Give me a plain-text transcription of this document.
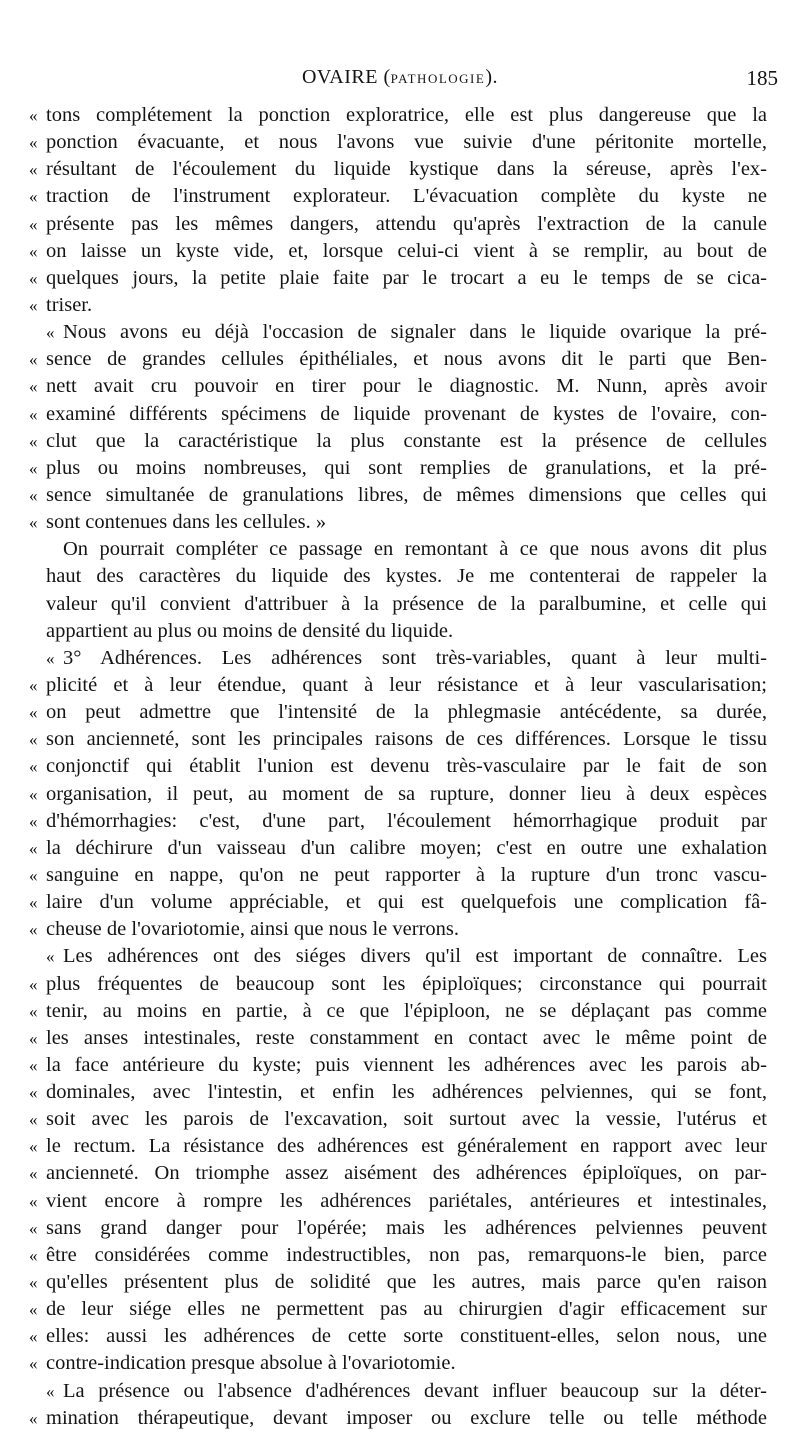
OVAIRE (PATHOLOGIE).	185
« tons complétement la ponction exploratrice, elle est plus dangereuse que la
« ponction évacuante, et nous l'avons vue suivie d'une péritonite mortelle,
« résultant de l'écoulement du liquide kystique dans la séreuse, après l'ex-
« traction de l'instrument explorateur. L'évacuation complète du kyste ne
« présente pas les mêmes dangers, attendu qu'après l'extraction de la canule
« on laisse un kyste vide, et, lorsque celui-ci vient à se remplir, au bout de
« quelques jours, la petite plaie faite par le trocart a eu le temps de se cica-
« triser.
« Nous avons eu déjà l'occasion de signaler dans le liquide ovarique la pré-
« sence de grandes cellules épithéliales, et nous avons dit le parti que Ben-
« nett avait cru pouvoir en tirer pour le diagnostic. M. Nunn, après avoir
« examiné différents spécimens de liquide provenant de kystes de l'ovaire, con-
« clut que la caractéristique la plus constante est la présence de cellules
« plus ou moins nombreuses, qui sont remplies de granulations, et la pré-
« sence simultanée de granulations libres, de mêmes dimensions que celles qui
« sont contenues dans les cellules. »
On pourrait compléter ce passage en remontant à ce que nous avons dit plus
haut des caractères du liquide des kystes. Je me contenterai de rappeler la
valeur qu'il convient d'attribuer à la présence de la paralbumine, et celle qui
appartient au plus ou moins de densité du liquide.
« 3° Adhérences. Les adhérences sont très-variables, quant à leur multi-
« plicité et à leur étendue, quant à leur résistance et à leur vascularisation;
« on peut admettre que l'intensité de la phlegmasie antécédente, sa durée,
« son ancienneté, sont les principales raisons de ces différences. Lorsque le tissu
« conjonctif qui établit l'union est devenu très-vasculaire par le fait de son
« organisation, il peut, au moment de sa rupture, donner lieu à deux espèces
« d'hémorrhagies: c'est, d'une part, l'écoulement hémorrhagique produit par
« la déchirure d'un vaisseau d'un calibre moyen; c'est en outre une exhalation
« sanguine en nappe, qu'on ne peut rapporter à la rupture d'un tronc vascu-
« laire d'un volume appréciable, et qui est quelquefois une complication fâ-
« cheuse de l'ovariotomie, ainsi que nous le verrons.
« Les adhérences ont des siéges divers qu'il est important de connaître. Les
« plus fréquentes de beaucoup sont les épiploïques; circonstance qui pourrait
« tenir, au moins en partie, à ce que l'épiploon, ne se déplaçant pas comme
« les anses intestinales, reste constamment en contact avec le même point de
« la face antérieure du kyste; puis viennent les adhérences avec les parois ab-
« dominales, avec l'intestin, et enfin les adhérences pelviennes, qui se font,
« soit avec les parois de l'excavation, soit surtout avec la vessie, l'utérus et
« le rectum. La résistance des adhérences est généralement en rapport avec leur
« ancienneté. On triomphe assez aisément des adhérences épiploïques, on par-
« vient encore à rompre les adhérences pariétales, antérieures et intestinales,
« sans grand danger pour l'opérée; mais les adhérences pelviennes peuvent
« être considérées comme indestructibles, non pas, remarquons-le bien, parce
« qu'elles présentent plus de solidité que les autres, mais parce qu'en raison
« de leur siége elles ne permettent pas au chirurgien d'agir efficacement sur
« elles: aussi les adhérences de cette sorte constituent-elles, selon nous, une
« contre-indication presque absolue à l'ovariotomie.
« La présence ou l'absence d'adhérences devant influer beaucoup sur la déter-
« mination thérapeutique, devant imposer ou exclure telle ou telle méthode
